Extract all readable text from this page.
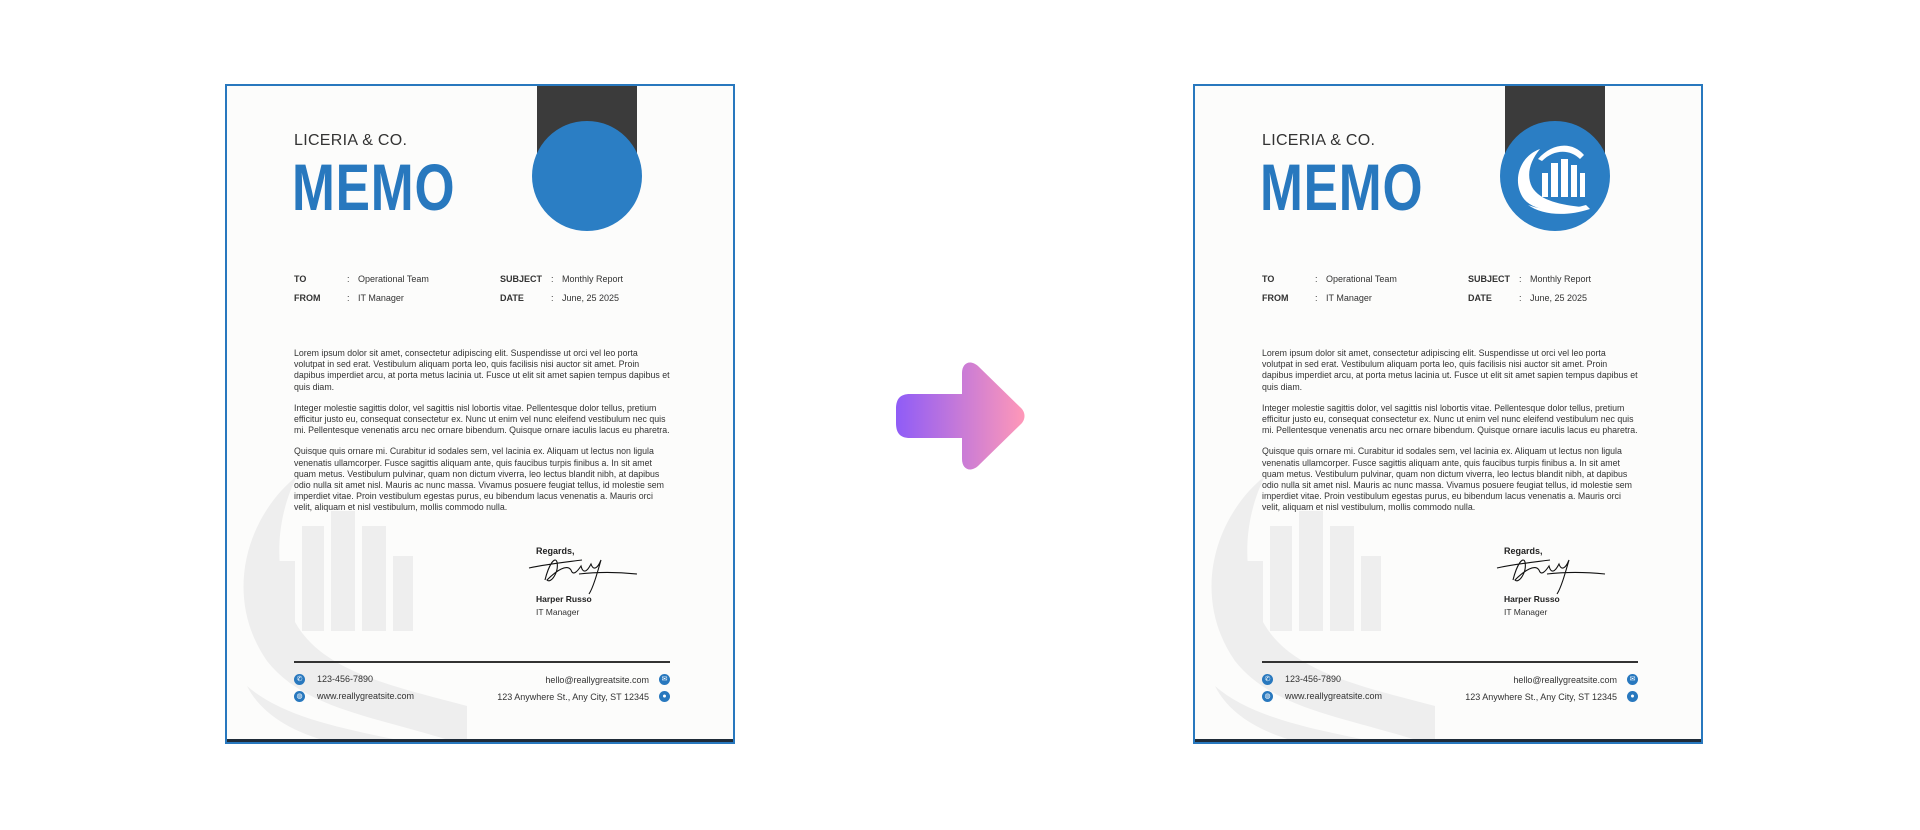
LICERIA & CO.
MEMO
TO	: Operational Team
FROM	: IT Manager
SUBJECT : Monthly Report
DATE	: June, 25 2025

Lorem ipsum dolor sit amet, consectetur adipiscing elit. Suspendisse ut orci vel leo porta volutpat in sed erat. Vestibulum aliquam porta leo, quis facilisis nisi auctor sit amet. Proin dapibus imperdiet arcu, at porta metus lacinia ut. Fusce ut elit sit amet sapien tempus dapibus et quis diam.

Integer molestie sagittis dolor, vel sagittis nisl lobortis vitae. Pellentesque dolor tellus, pretium efficitur justo eu, consequat consectetur ex. Nunc ut enim vel nunc eleifend vestibulum nec quis mi. Pellentesque venenatis arcu nec ornare bibendum. Quisque ornare iaculis lacus eu pharetra.

Quisque quis ornare mi. Curabitur id sodales sem, vel lacinia ex. Aliquam ut lectus non ligula venenatis ullamcorper. Fusce sagittis aliquam ante, quis faucibus turpis finibus a. In sit amet quam metus. Vestibulum pulvinar, quam non dictum viverra, leo lectus blandit nibh, at dapibus odio nulla sit amet nisl. Mauris ac nunc massa. Vivamus posuere feugiat tellus, id molestie sem imperdiet vitae. Proin vestibulum egestas purus, eu bibendum lacus venenatis a. Mauris orci velit, aliquam et nisl vestibulum, mollis commodo nulla.

Regards,
Harper Russo
IT Manager
✆ 123-456-7890
◍ www.reallygreatsite.com
hello@reallygreatsite.com	✉
123 Anywhere St., Any City, ST 12345	●
LICERIA & CO.
MEMO
TO	: Operational Team
FROM	: IT Manager
SUBJECT : Monthly Report
DATE	: June, 25 2025

Lorem ipsum dolor sit amet, consectetur adipiscing elit. Suspendisse ut orci vel leo porta volutpat in sed erat. Vestibulum aliquam porta leo, quis facilisis nisi auctor sit amet. Proin dapibus imperdiet arcu, at porta metus lacinia ut. Fusce ut elit sit amet sapien tempus dapibus et quis diam.

Integer molestie sagittis dolor, vel sagittis nisl lobortis vitae. Pellentesque dolor tellus, pretium efficitur justo eu, consequat consectetur ex. Nunc ut enim vel nunc eleifend vestibulum nec quis mi. Pellentesque venenatis arcu nec ornare bibendum. Quisque ornare iaculis lacus eu pharetra.

Quisque quis ornare mi. Curabitur id sodales sem, vel lacinia ex. Aliquam ut lectus non ligula venenatis ullamcorper. Fusce sagittis aliquam ante, quis faucibus turpis finibus a. In sit amet quam metus. Vestibulum pulvinar, quam non dictum viverra, leo lectus blandit nibh, at dapibus odio nulla sit amet nisl. Mauris ac nunc massa. Vivamus posuere feugiat tellus, id molestie sem imperdiet vitae. Proin vestibulum egestas purus, eu bibendum lacus venenatis a. Mauris orci velit, aliquam et nisl vestibulum, mollis commodo nulla.

Regards,
Harper Russo
IT Manager
✆ 123-456-7890
◍ www.reallygreatsite.com
hello@reallygreatsite.com	✉
123 Anywhere St., Any City, ST 12345	●
